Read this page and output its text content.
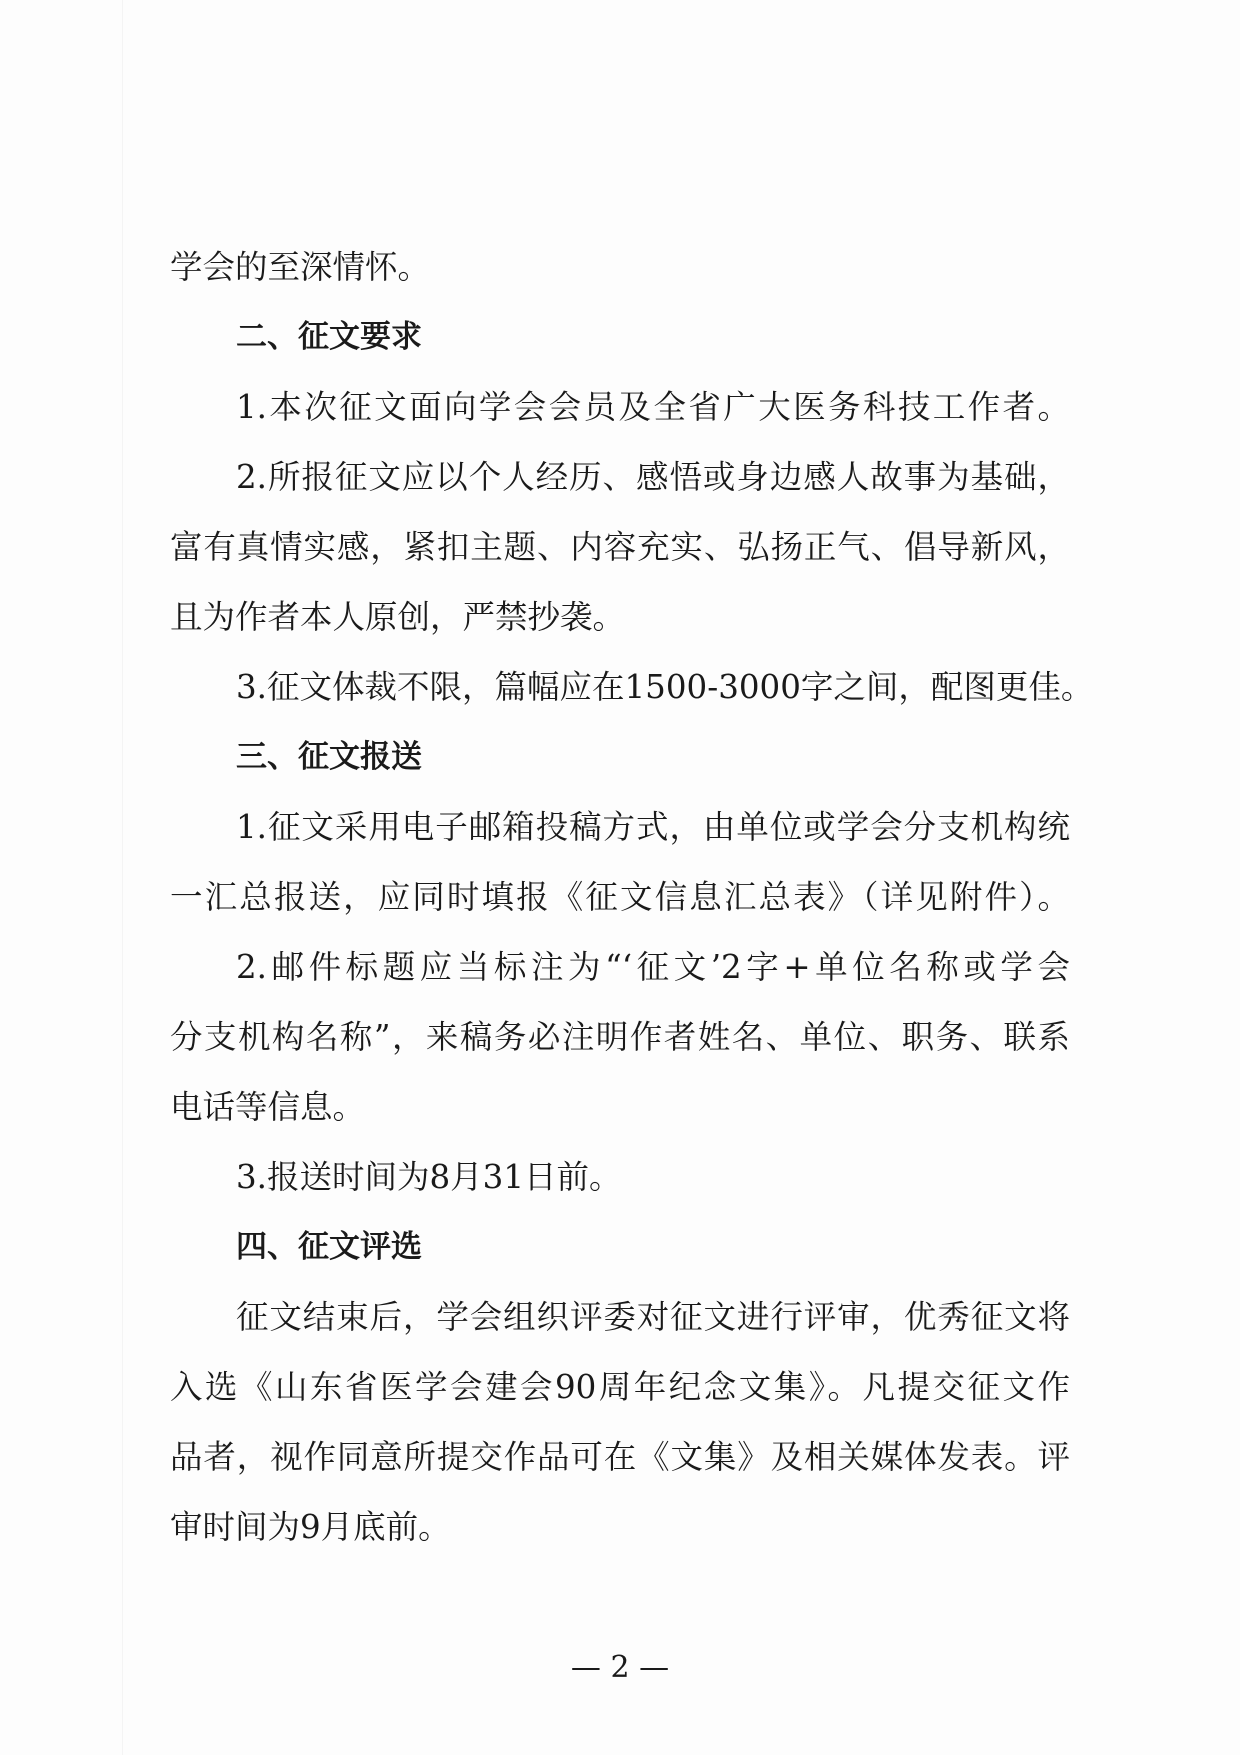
学会的至深情怀。
二、征文要求
1.本次征文面向学会会员及全省广大医务科技工作者。
2.所报征文应以个人经历、感悟或身边感人故事为基础，
富有真情实感，紧扣主题、内容充实、弘扬正气、倡导新风，
且为作者本人原创，严禁抄袭。
3.征文体裁不限，篇幅应在1500-3000字之间，配图更佳。
三、征文报送
1.征文采用电子邮箱投稿方式，由单位或学会分支机构统
一汇总报送，应同时填报《征文信息汇总表》（详见附件）。
2.邮件标题应当标注为“‘征文’2字+单位名称或学会
分支机构名称”，来稿务必注明作者姓名、单位、职务、联系
电话等信息。
3.报送时间为8月31日前。
四、征文评选
征文结束后，学会组织评委对征文进行评审，优秀征文将
入选《山东省医学会建会90周年纪念文集》。凡提交征文作
品者，视作同意所提交作品可在《文集》及相关媒体发表。评
审时间为9月底前。
— 2 —
